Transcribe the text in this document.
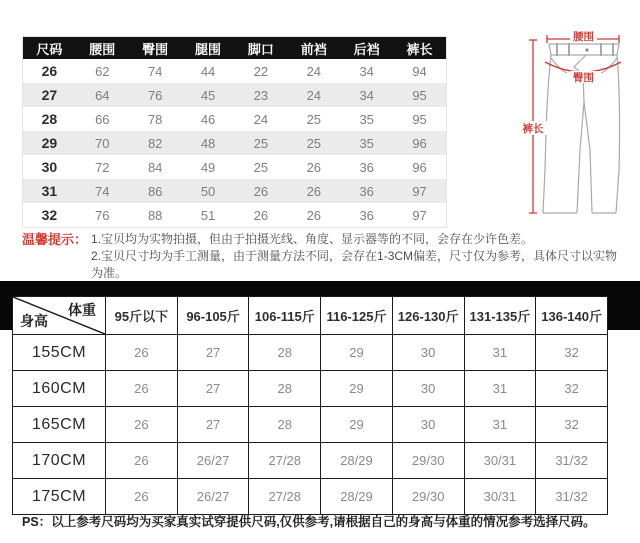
尺码	腰围	臀围	腿围	脚口	前裆	后裆	裤长
26	62	74	44	22	24	34	94
27	64	76	45	23	24	34	95
28	66	78	46	24	25	35	95
29	70	82	48	25	25	35	96
30	72	84	49	25	26	36	96
31	74	86	50	26	26	36	97
32	76	88	51	26	26	36	97
腰围
臀围
裤长
温馨提示： 1.宝贝均为实物拍摄，但由于拍摄光线、角度、显示器等的不同，会存在少许色差。
2.宝贝尺寸均为手工测量，由于测量方法不同，会存在1-3CM偏差，尺寸仅为参考，具体尺寸以实物为准。
体重
身高	95斤以下	96-105斤	106-115斤	116-125斤	126-130斤	131-135斤	136-140斤
155CM	26	27	28	29	30	31	32
160CM	26	27	28	29	30	31	32
165CM	26	27	28	29	30	31	32
170CM	26	26/27	27/28	28/29	29/30	30/31	31/32
175CM	26	26/27	27/28	28/29	29/30	30/31	31/32
PS：以上参考尺码均为买家真实试穿提供尺码,仅供参考,请根据自己的身高与体重的情况参考选择尺码。
